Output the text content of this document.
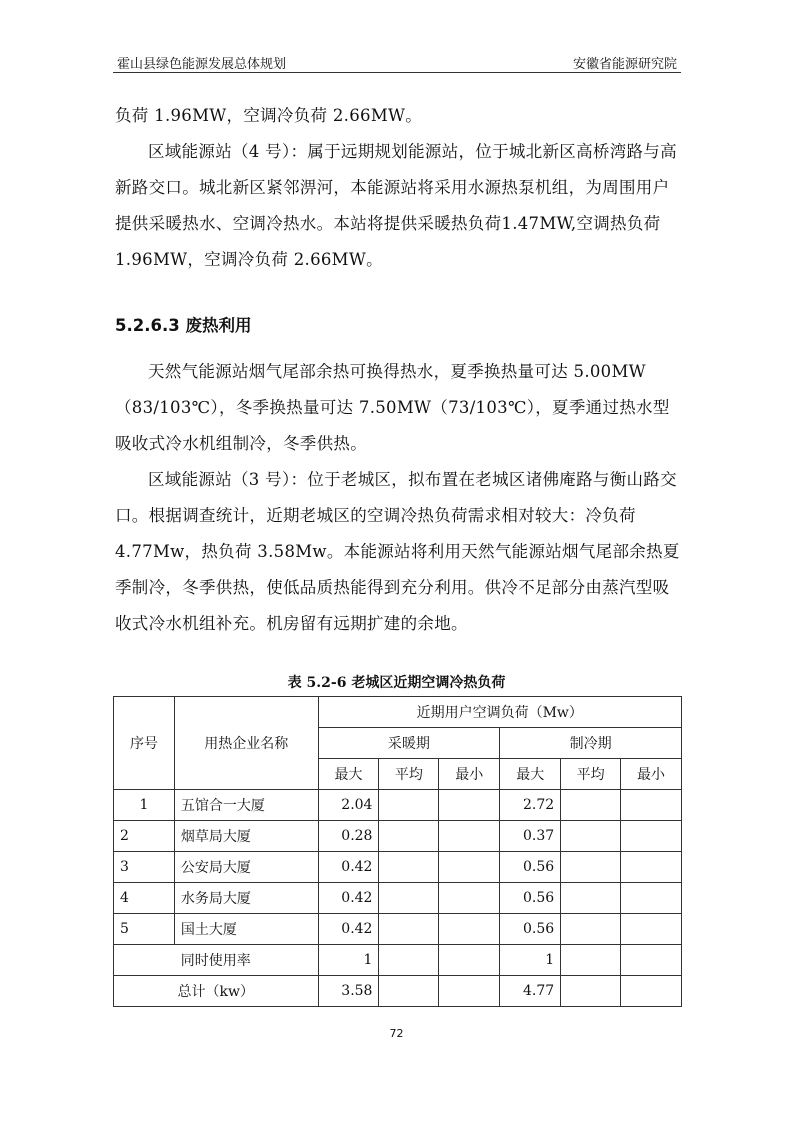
霍山县绿色能源发展总体规划	安徽省能源研究院

负荷 1.96MW，空调冷负荷 2.66MW。

区域能源站（4 号）：属于远期规划能源站，位于城北新区高桥湾路与高新路交口。城北新区紧邻淠河，本能源站将采用水源热泵机组，为周围用户提供采暖热水、空调冷热水。本站将提供采暖热负荷1.47MW,空调热负荷 1.96MW，空调冷负荷 2.66MW。

5.2.6.3 废热利用

天然气能源站烟气尾部余热可换得热水，夏季换热量可达 5.00MW（83/103℃），冬季换热量可达 7.50MW（73/103℃），夏季通过热水型吸收式冷水机组制冷，冬季供热。

区域能源站（3 号）：位于老城区，拟布置在老城区诸佛庵路与衡山路交口。根据调查统计，近期老城区的空调冷热负荷需求相对较大：冷负荷 4.77Mw，热负荷 3.58Mw。本能源站将利用天然气能源站烟气尾部余热夏季制冷，冬季供热，使低品质热能得到充分利用。供冷不足部分由蒸汽型吸收式冷水机组补充。机房留有远期扩建的余地。

表 5.2-6 老城区近期空调冷热负荷
序号	用热企业名称	近期用户空调负荷（Mw）					
		采暖期			制冷期		
		最大	平均	最小	最大	平均	最小
1	五馆合一大厦	2.04			2.72		
2	烟草局大厦	0.28			0.37		
3	公安局大厦	0.42			0.56		
4	水务局大厦	0.42			0.56		
5	国土大厦	0.42			0.56		
同时使用率		1			1		
总计（kw）		3.58			4.77		
72
